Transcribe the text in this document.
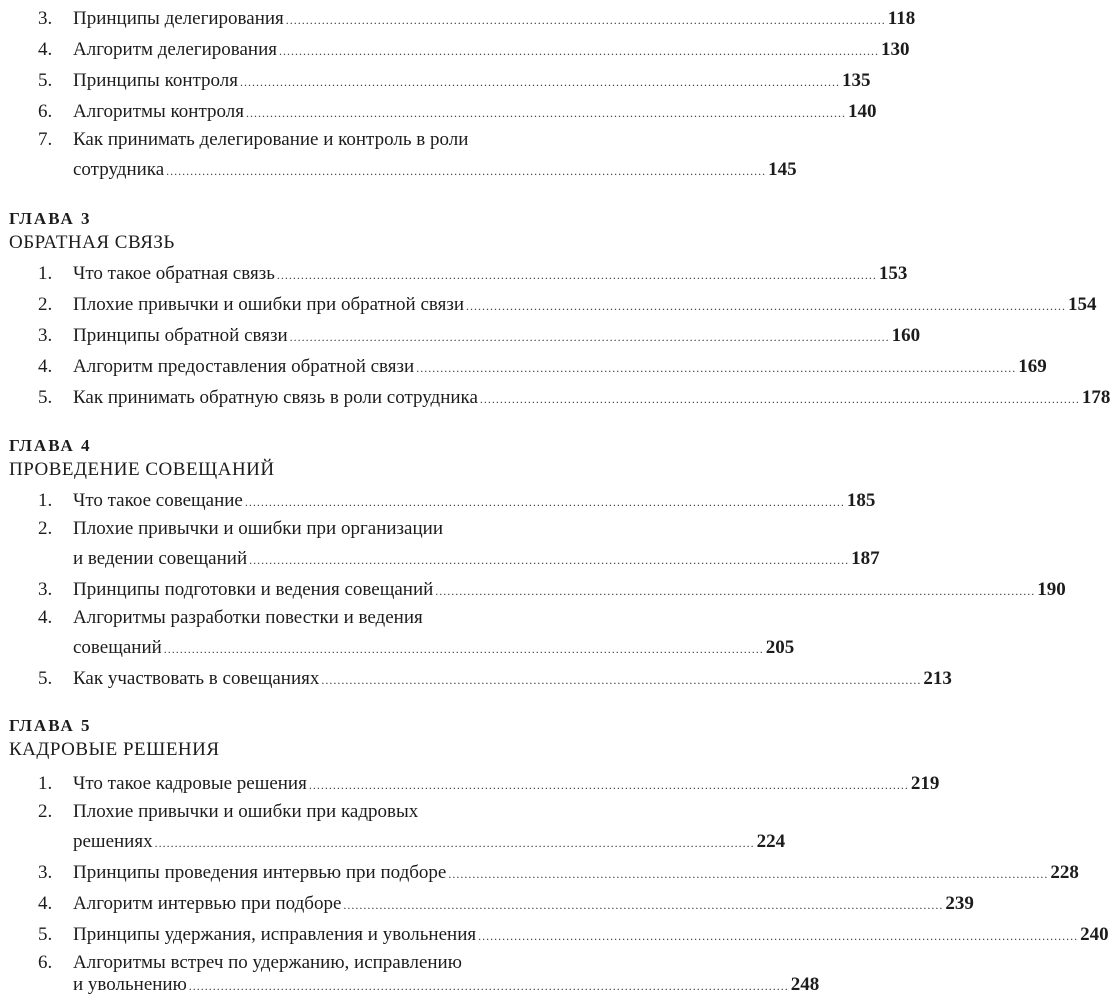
3.	Принципы делегирования ...................................................................................................................................................... 118
4.	Алгоритм делегирования ...................................................................................................................................................... 130
5.	Принципы контроля ...................................................................................................................................................... 135
6.	Алгоритмы контроля ...................................................................................................................................................... 140
7.	Как принимать делегирование и контроль в роли
сотрудника ...................................................................................................................................................... 145
ГЛАВА 3
ОБРАТНАЯ СВЯЗЬ
1.	Что такое обратная связь ...................................................................................................................................................... 153
2.	Плохие привычки и ошибки при обратной связи ...................................................................................................................................................... 154
3.	Принципы обратной связи ...................................................................................................................................................... 160
4.	Алгоритм предоставления обратной связи ...................................................................................................................................................... 169
5.	Как принимать обратную связь в роли сотрудника ...................................................................................................................................................... 178
ГЛАВА 4
ПРОВЕДЕНИЕ СОВЕЩАНИЙ
1.	Что такое совещание ...................................................................................................................................................... 185
2.	Плохие привычки и ошибки при организации
и ведении совещаний ...................................................................................................................................................... 187
3.	Принципы подготовки и ведения совещаний ...................................................................................................................................................... 190
4.	Алгоритмы разработки повестки и ведения
совещаний ...................................................................................................................................................... 205
5.	Как участвовать в совещаниях ...................................................................................................................................................... 213
ГЛАВА 5
КАДРОВЫЕ РЕШЕНИЯ
1.	Что такое кадровые решения ...................................................................................................................................................... 219
2.	Плохие привычки и ошибки при кадровых
решениях ...................................................................................................................................................... 224
3.	Принципы проведения интервью при подборе ...................................................................................................................................................... 228
4.	Алгоритм интервью при подборе ...................................................................................................................................................... 239
5.	Принципы удержания, исправления и увольнения ...................................................................................................................................................... 240
6.	Алгоритмы встреч по удержанию, исправлению
и увольнению ...................................................................................................................................................... 248
